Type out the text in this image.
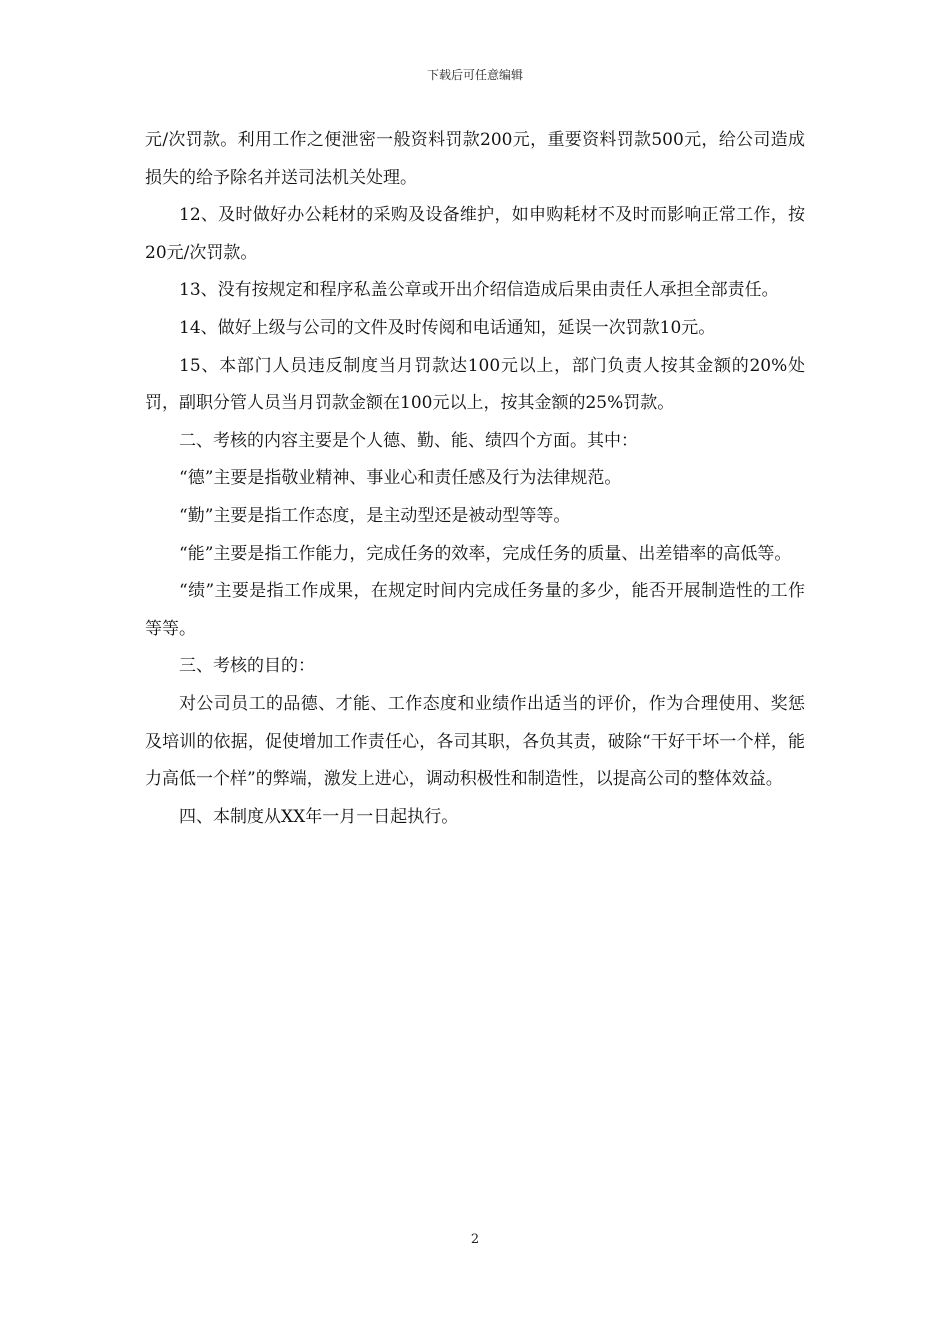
下载后可任意编辑

元/次罚款。利用工作之便泄密一般资料罚款200元，重要资料罚款500元，给公司造成损失的给予除名并送司法机关处理。

12、及时做好办公耗材的采购及设备维护，如申购耗材不及时而影响正常工作，按20元/次罚款。

13、没有按规定和程序私盖公章或开出介绍信造成后果由责任人承担全部责任。

14、做好上级与公司的文件及时传阅和电话通知，延误一次罚款10元。

15、本部门人员违反制度当月罚款达100元以上，部门负责人按其金额的20%处罚，副职分管人员当月罚款金额在100元以上，按其金额的25%罚款。

二、考核的内容主要是个人德、勤、能、绩四个方面。其中：

“德”主要是指敬业精神、事业心和责任感及行为法律规范。

“勤”主要是指工作态度，是主动型还是被动型等等。

“能”主要是指工作能力，完成任务的效率，完成任务的质量、出差错率的高低等。

“绩”主要是指工作成果，在规定时间内完成任务量的多少，能否开展制造性的工作等等。

三、考核的目的：

对公司员工的品德、才能、工作态度和业绩作出适当的评价，作为合理使用、奖惩及培训的依据，促使增加工作责任心，各司其职，各负其责，破除“干好干坏一个样，能力高低一个样”的弊端，激发上进心，调动积极性和制造性，以提高公司的整体效益。

四、本制度从XX年一月一日起执行。

2
